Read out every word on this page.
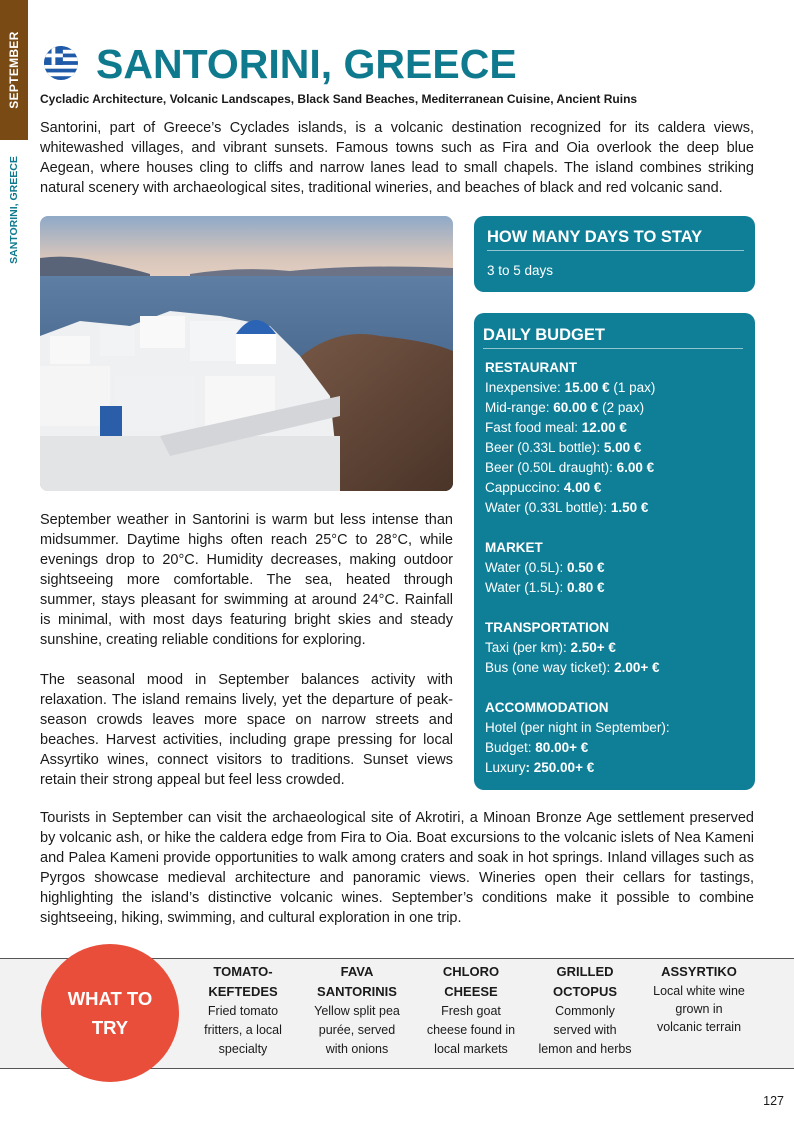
SEPTEMBER
SANTORINI, GREECE
SANTORINI, GREECE
Cycladic Architecture, Volcanic Landscapes, Black Sand Beaches, Mediterranean Cuisine, Ancient Ruins

Santorini, part of Greece’s Cyclades islands, is a volcanic destination recognized for its caldera views, whitewashed villages, and vibrant sunsets. Famous towns such as Fira and Oia overlook the deep blue Aegean, where houses cling to cliffs and narrow lanes lead to small chapels. The island combines striking natural scenery with archaeological sites, traditional wineries, and beaches of black and red volcanic sand.

September weather in Santorini is warm but less intense than midsummer. Daytime highs often reach 25°C to 28°C, while evenings drop to 20°C. Humidity decreases, making outdoor sightseeing more comfortable. The sea, heated through summer, stays pleasant for swimming at around 24°C. Rainfall is minimal, with most days featuring bright skies and steady sunshine, creating reliable conditions for exploring.

The seasonal mood in September balances activity with relaxation. The island remains lively, yet the departure of peak-season crowds leaves more space on narrow streets and beaches. Harvest activities, including grape pressing for local Assyrtiko wines, connect visitors to traditions. Sunset views retain their strong appeal but feel less crowded.

Tourists in September can visit the archaeological site of Akrotiri, a Minoan Bronze Age settlement preserved by volcanic ash, or hike the caldera edge from Fira to Oia. Boat excursions to the volcanic islets of Nea Kameni and Palea Kameni provide opportunities to walk among craters and soak in hot springs. Inland villages such as Pyrgos showcase medieval architecture and panoramic views. Wineries open their cellars for tastings, highlighting the island’s distinctive volcanic wines. September’s conditions make it possible to combine sightseeing, hiking, swimming, and cultural exploration in one trip.

HOW MANY DAYS TO STAY
3 to 5 days
DAILY BUDGET
RESTAURANT
Inexpensive: 15.00 € (1 pax)
Mid-range: 60.00 € (2 pax)
Fast food meal: 12.00 €
Beer (0.33L bottle): 5.00 €
Beer (0.50L draught): 6.00 €
Cappuccino: 4.00 €
Water (0.33L bottle): 1.50 €
MARKET
Water (0.5L): 0.50 €
Water (1.5L): 0.80 €
TRANSPORTATION
Taxi (per km): 2.50+ €
Bus (one way ticket): 2.00+ €
ACCOMMODATION
Hotel (per night in September):
Budget: 80.00+ €
Luxury: 250.00+ €
WHAT TO
TRY
TOMATO-
KEFTEDES
Fried tomato
fritters, a local
specialty
FAVA
SANTORINIS
Yellow split pea
purée, served
with onions
CHLORO
CHEESE
Fresh goat
cheese found in
local markets
GRILLED
OCTOPUS
Commonly
served with
lemon and herbs
ASSYRTIKO
Local white wine
grown in
volcanic terrain
127
